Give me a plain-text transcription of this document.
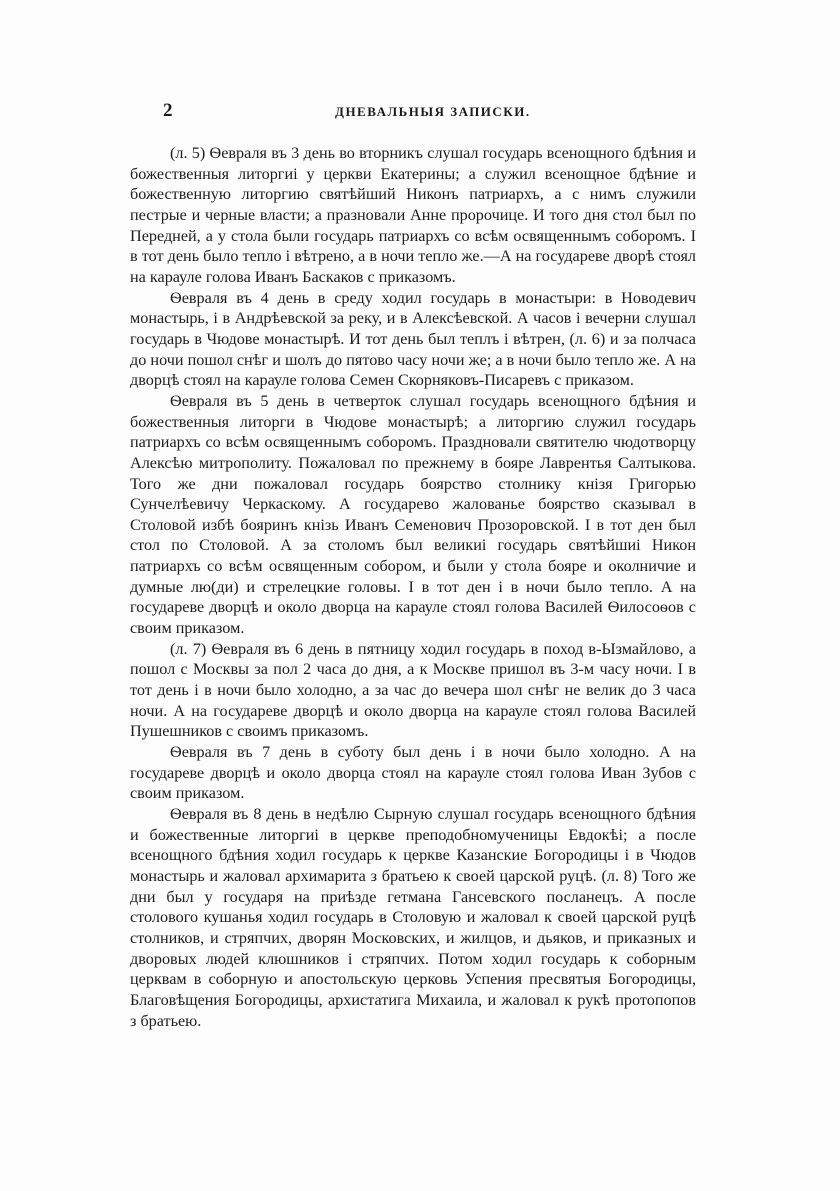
2	ДНЕВАЛЬНЫЯ ЗАПИСКИ.

(л. 5) Ѳевраля въ 3 день во вторникъ слушал государь всенощного бдѣния и божественныя литоргиі у церкви Екатерины; а служил всенощное бдѣние и божественную литоргию святѣйший Никонъ патриархъ, а с нимъ служили пестрые и черные власти; а празновали Анне пророчице. И того дня стол был по Передней, а у стола были государь патриархъ со всѣм освященнымъ соборомъ. І в тот день было тепло і вѣтрено, а в ночи тепло же.—А на государеве дворѣ стоял на карауле голова Иванъ Баскаков с приказомъ.

Ѳевраля въ 4 день в среду ходил государь в монастыри: в Новодевич монастырь, і в Андрѣевской за реку, и в Алексѣевской. А часов і вечерни слушал государь в Чюдове монастырѣ. И тот день был теплъ і вѣтрен, (л. 6) и за полчаса до ночи пошол снѣг и шолъ до пятово часу ночи же; а в ночи было тепло же. А на дворцѣ стоял на карауле голова Семен Скорняковъ-Писаревъ с приказом.

Ѳевраля въ 5 день в четверток слушал государь всенощного бдѣния и божественныя литорги в Чюдове монастырѣ; а литоргию служил государь патриархъ со всѣм освященнымъ соборомъ. Праздновали святителю чюдотворцу Алексѣю митрополиту. Пожаловал по прежнему в бояре Лаврентья Салтыкова. Того же дни пожаловал государь боярство столнику кнізя Григорью Сунчелѣевичу Черкаскому. А государево жалованье боярство сказывал в Столовой избѣ бояринъ кнізь Иванъ Семенович Прозоровской. І в тот ден был стол по Столовой. А за столомъ был великиі государь святѣйшиі Никон патриархъ со всѣм освященным собором, и были у стола бояре и околничие и думные лю(ди) и стрелецкие головы. І в тот ден і в ночи было тепло. А на государеве дворцѣ и около дворца на карауле стоял голова Василей Ѳилосоѳов с своим приказом.

(л. 7) Ѳевраля въ 6 день в пятницу ходил государь в поход в-Ызмайлово, а пошол с Москвы за пол 2 часа до дня, а к Москве пришол въ 3-м часу ночи. І в тот день і в ночи было холодно, а за час до вечера шол снѣг не велик до 3 часа ночи. А на государеве дворцѣ и около дворца на карауле стоял голова Василей Пушешников с своимъ приказомъ.

Ѳевраля въ 7 день в суботу был день і в ночи было холодно. А на государеве дворцѣ и около дворца стоял на карауле стоял голова Иван Зубов с своим приказом.

Ѳевраля въ 8 день в недѣлю Сырную слушал государь всенощного бдѣния и божественные литоргиі в церкве преподобномученицы Евдокѣі; а после всенощного бдѣния ходил государь к церкве Казанские Богородицы і в Чюдов монастырь и жаловал архимарита з братьею к своей царской руцѣ. (л. 8) Того же дни был у государя на приѣзде гетмана Гансевского посланецъ. А после столового кушанья ходил государь в Столовую и жаловал к своей царской руцѣ столников, и стряпчих, дворян Московских, и жилцов, и дьяков, и приказных и дворовых людей клюшников і стряпчих. Потом ходил государь к соборным церквам в соборную и апостольскую церковь Успения пресвятыя Богородицы, Благовѣщения Богородицы, архистатига Михаила, и жаловал к рукѣ протопопов з братьею.
